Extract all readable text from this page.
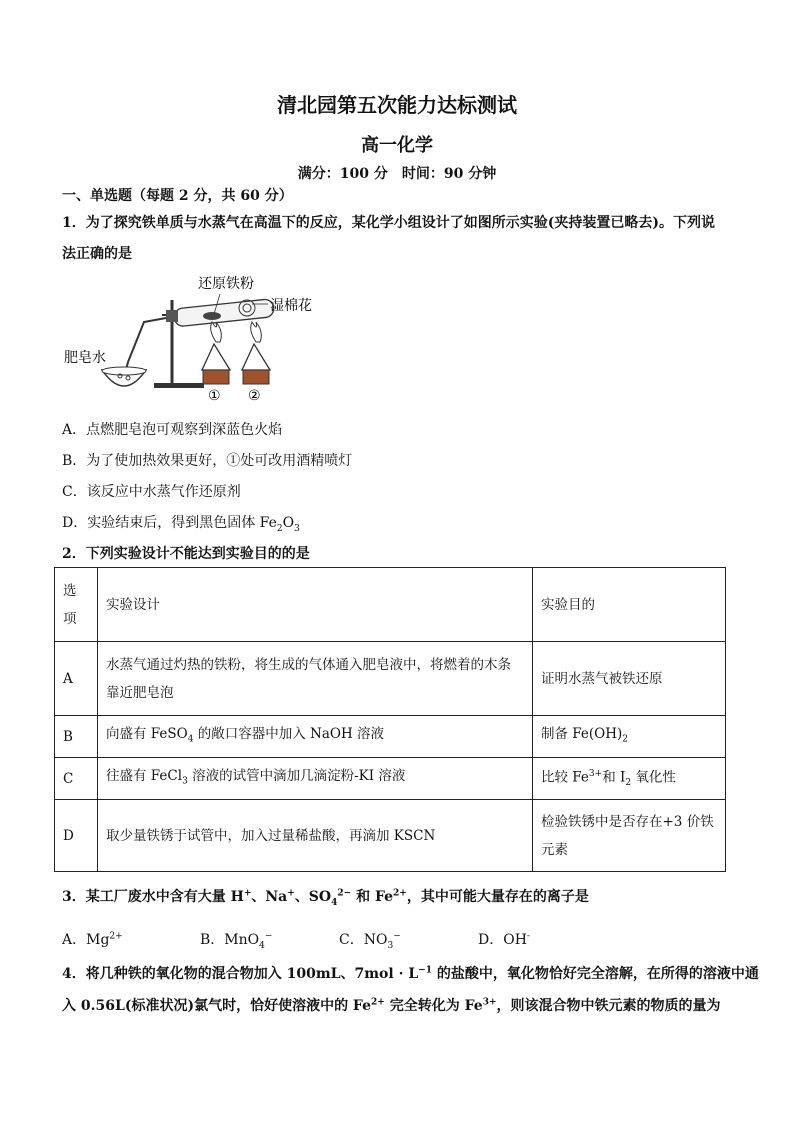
清北园第五次能力达标测试
高一化学
满分：100 分　时间：90 分钟
一、单选题（每题 2 分，共 60 分）
1．为了探究铁单质与水蒸气在高温下的反应，某化学小组设计了如图所示实验(夹持装置已略去)。下列说
法正确的是
还原铁粉
湿棉花
肥皂水
① ②
A．点燃肥皂泡可观察到深蓝色火焰
B．为了使加热效果更好，①处可改用酒精喷灯
C．该反应中水蒸气作还原剂
D．实验结束后，得到黑色固体 $Fe_2O_3$
2．下列实验设计不能达到实验目的的是
选项	实验设计	实验目的
A	水蒸气通过灼热的铁粉，将生成的气体通入肥皂液中，将燃着的木条靠近肥皂泡	证明水蒸气被铁还原
B	向盛有 FeSO$_4$ 的敞口容器中加入 NaOH 溶液	制备 $Fe(OH)_2$
C	往盛有 FeCl$_3$ 溶液的试管中滴加几滴淀粉-KI 溶液	比较 $Fe^{3+}$和 $I_2$ 氧化性
D	取少量铁锈于试管中，加入过量稀盐酸，再滴加 KSCN	检验铁锈中是否存在+3 价铁元素
3．某工厂废水中含有大量 H+、Na+、$SO_4^{2-}$ 和 $Fe^{2+}$，其中可能大量存在的离子是
A．$Mg^{2+}$	B．MnO$_4$−	C．$NO_3^-$	D．OH-
4．将几种铁的氧化物的混合物加入 100mL、$7mol \cdot L^{-1}$ 的盐酸中，氧化物恰好完全溶解，在所得的溶液中通
入 0.56L(标准状况)氯气时，恰好使溶液中的 $Fe^{2+}$ 完全转化为 $Fe^{3+}$，则该混合物中铁元素的物质的量为
